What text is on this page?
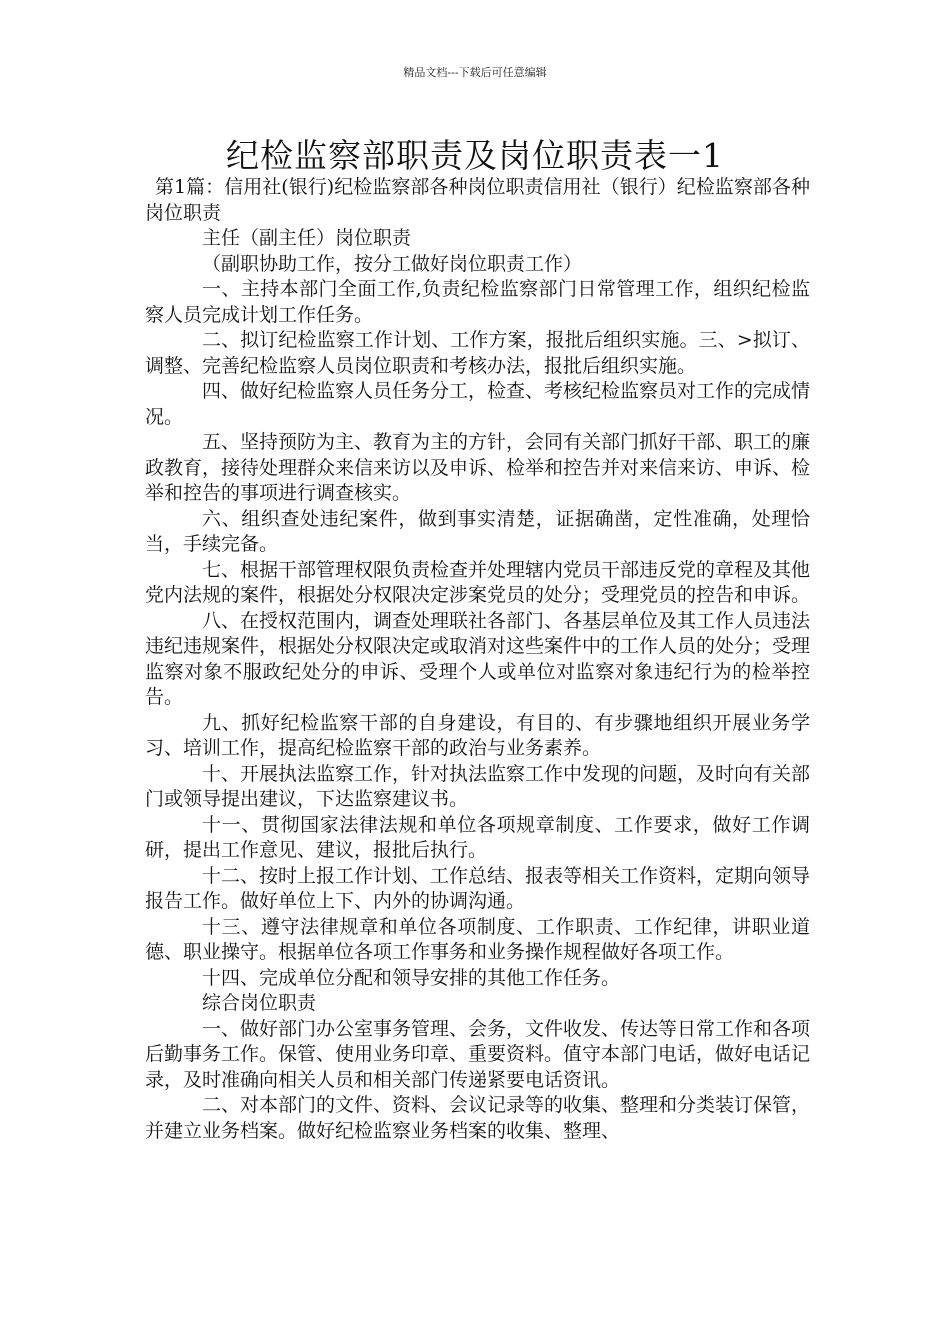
精品文档---下载后可任意编辑
纪检监察部职责及岗位职责表一1

第1篇：信用社(银行)纪检监察部各种岗位职责信用社（银行）纪检监察部各种岗位职责

主任（副主任）岗位职责

（副职协助工作，按分工做好岗位职责工作）

一、主持本部门全面工作,负责纪检监察部门日常管理工作，组织纪检监察人员完成计划工作任务。

二、拟订纪检监察工作计划、工作方案，报批后组织实施。三、>拟订、调整、完善纪检监察人员岗位职责和考核办法，报批后组织实施。

四、做好纪检监察人员任务分工，检查、考核纪检监察员对工作的完成情况。

五、坚持预防为主、教育为主的方针，会同有关部门抓好干部、职工的廉政教育，接待处理群众来信来访以及申诉、检举和控告并对来信来访、申诉、检举和控告的事项进行调查核实。

六、组织查处违纪案件，做到事实清楚，证据确凿，定性准确，处理恰当，手续完备。

七、根据干部管理权限负责检查并处理辖内党员干部违反党的章程及其他党内法规的案件，根据处分权限决定涉案党员的处分；受理党员的控告和申诉。

八、在授权范围内，调查处理联社各部门、各基层单位及其工作人员违法违纪违规案件，根据处分权限决定或取消对这些案件中的工作人员的处分；受理监察对象不服政纪处分的申诉、受理个人或单位对监察对象违纪行为的检举控告。

九、抓好纪检监察干部的自身建设，有目的、有步骤地组织开展业务学习、培训工作，提高纪检监察干部的政治与业务素养。

十、开展执法监察工作，针对执法监察工作中发现的问题，及时向有关部门或领导提出建议，下达监察建议书。

十一、贯彻国家法律法规和单位各项规章制度、工作要求，做好工作调研，提出工作意见、建议，报批后执行。

十二、按时上报工作计划、工作总结、报表等相关工作资料，定期向领导报告工作。做好单位上下、内外的协调沟通。

十三、遵守法律规章和单位各项制度、工作职责、工作纪律，讲职业道德、职业操守。根据单位各项工作事务和业务操作规程做好各项工作。

十四、完成单位分配和领导安排的其他工作任务。

综合岗位职责

一、做好部门办公室事务管理、会务，文件收发、传达等日常工作和各项后勤事务工作。保管、使用业务印章、重要资料。值守本部门电话，做好电话记录，及时准确向相关人员和相关部门传递紧要电话资讯。

二、对本部门的文件、资料、会议记录等的收集、整理和分类装订保管，并建立业务档案。做好纪检监察业务档案的收集、整理、
